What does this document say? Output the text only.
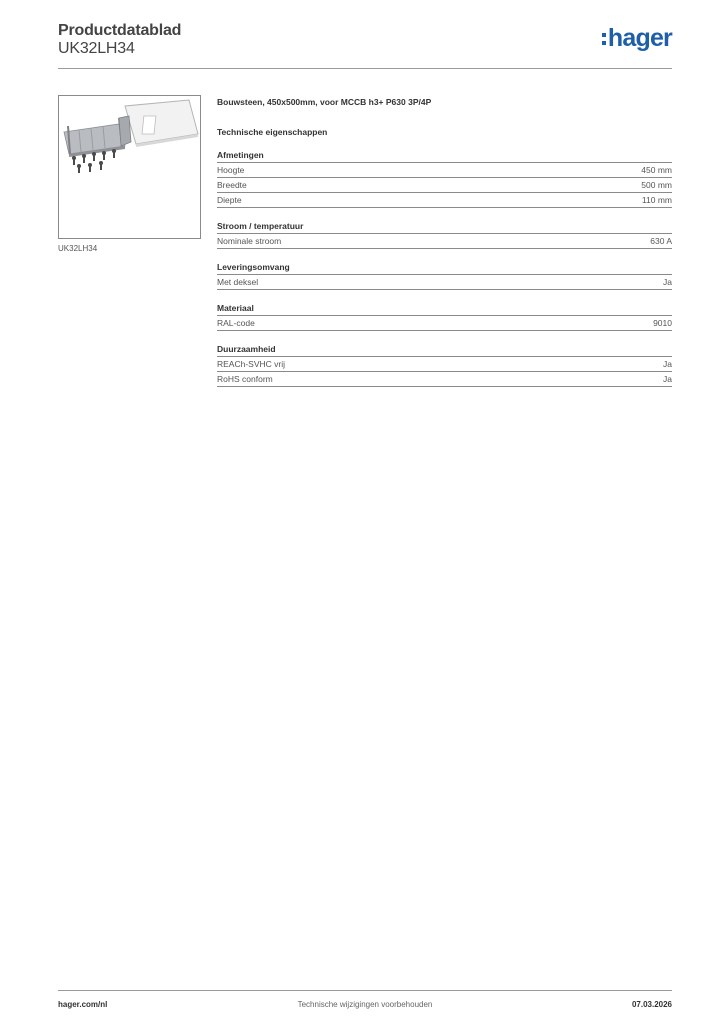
Productdatablad
UK32LH34	hager
UK32LH34
Bouwsteen, 450x500mm, voor MCCB h3+ P630 3P/4P
Technische eigenschappen
Afmetingen
Hoogte	450 mm
Breedte	500 mm
Diepte	110 mm
Stroom / temperatuur
Nominale stroom	630 A
Leveringsomvang
Met deksel	Ja
Materiaal
RAL-code	9010
Duurzaamheid
REACh-SVHC vrij	Ja
RoHS conform	Ja
Technische wijzigingen voorbehouden
hager.com/nl	07.03.2026
